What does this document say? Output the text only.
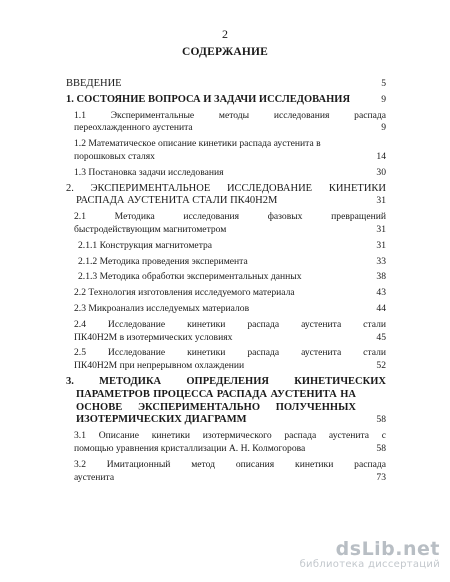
2
СОДЕРЖАНИЕ
ВВЕДЕНИЕ	5
1. СОСТОЯНИЕ ВОПРОСА И ЗАДАЧИ ИССЛЕДОВАНИЯ	9
1.1 Экспериментальные методы исследования распада
переохлажденного аустенита	9
1.2 Математическое описание кинетики распада аустенита в
порошковых сталях	14
1.3 Постановка задачи исследования	30
2. ЭКСПЕРИМЕНТАЛЬНОЕ ИССЛЕДОВАНИЕ КИНЕТИКИ
РАСПАДА АУСТЕНИТА СТАЛИ ПК40Н2М	31
2.1 Методика исследования фазовых превращений
быстродействующим магнитометром	31
2.1.1 Конструкция магнитометра	31
2.1.2 Методика проведения эксперимента	33
2.1.3 Методика обработки экспериментальных данных	38
2.2 Технология изготовления исследуемого материала	43
2.3 Микроанализ исследуемых материалов	44
2.4 Исследование кинетики распада аустенита стали
ПК40Н2М в изотермических условиях	45
2.5 Исследование кинетики распада аустенита стали
ПК40Н2М при непрерывном охлаждении	52
3. МЕТОДИКА ОПРЕДЕЛЕНИЯ КИНЕТИЧЕСКИХ
ПАРАМЕТРОВ ПРОЦЕССА РАСПАДА АУСТЕНИТА НА
ОСНОВЕ ЭКСПЕРИМЕНТАЛЬНО ПОЛУЧЕННЫХ
ИЗОТЕРМИЧЕСКИХ ДИАГРАММ	58
3.1 Описание кинетики изотермического распада аустенита с
помощью уравнения кристаллизации А. Н. Колмогорова	58
3.2 Имитационный метод описания кинетики распада
аустенита	73
dsLib.net
библиотека диссертаций
